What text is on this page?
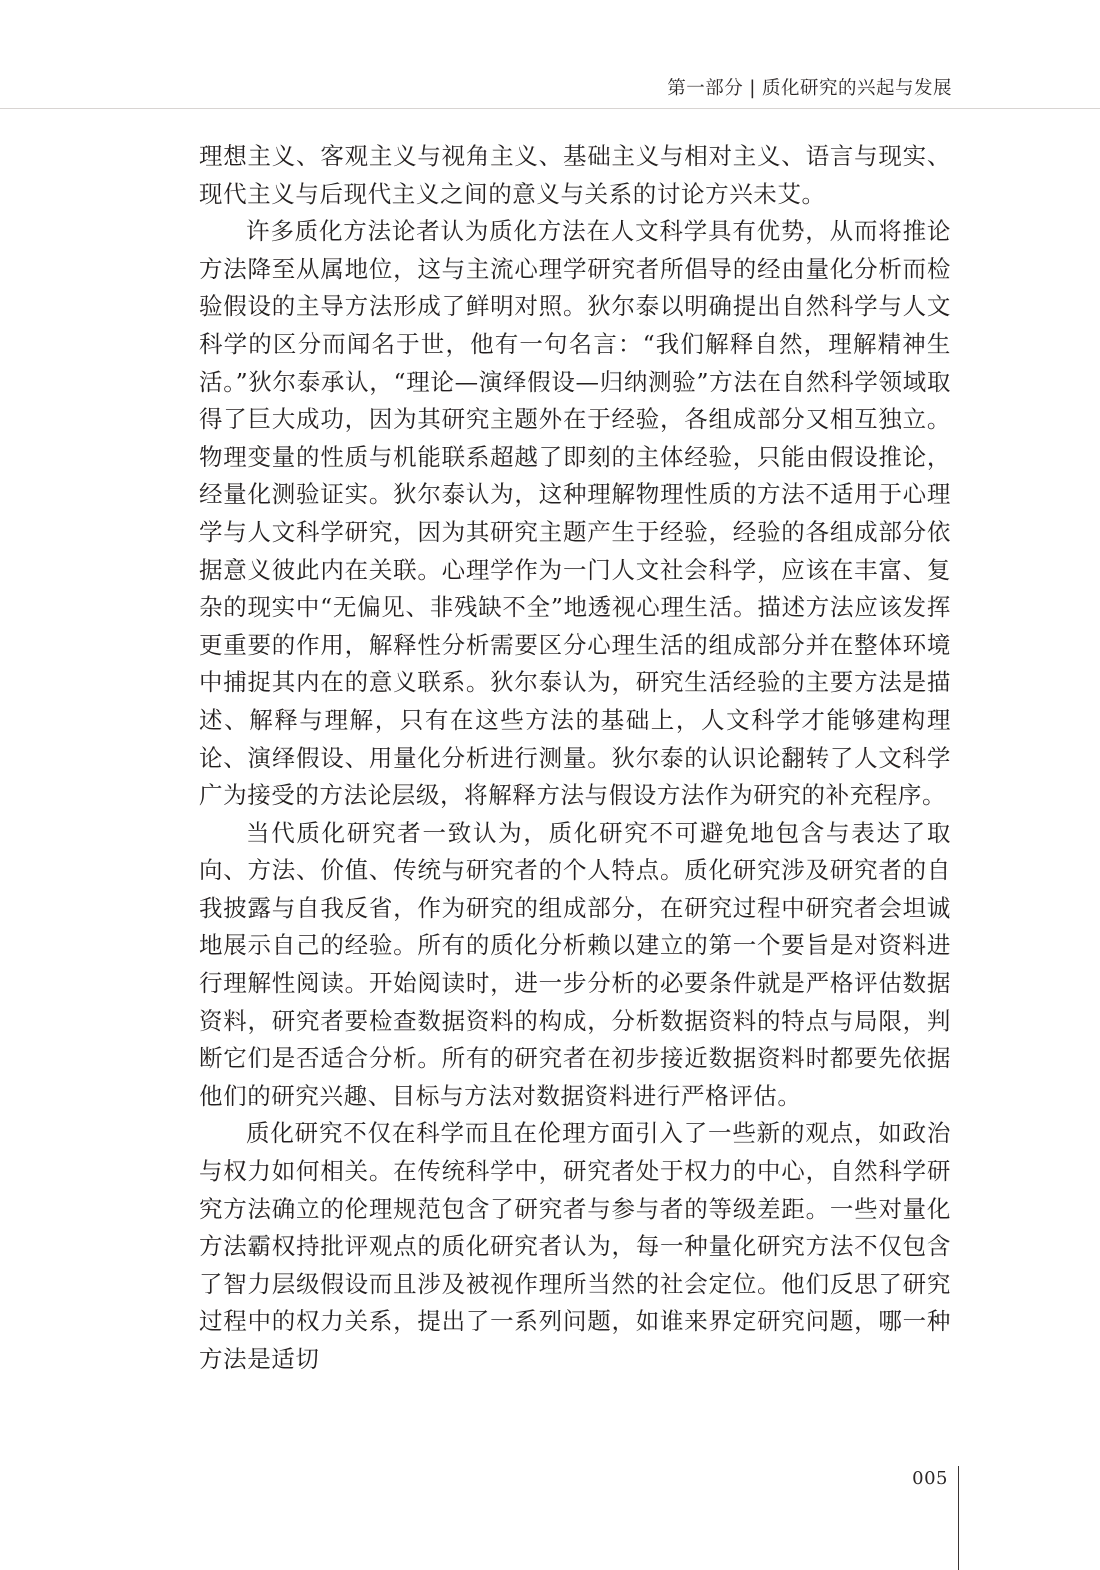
第一部分 | 质化研究的兴起与发展

理想主义、客观主义与视角主义、基础主义与相对主义、语言与现实、现代主义与后现代主义之间的意义与关系的讨论方兴未艾。

许多质化方法论者认为质化方法在人文科学具有优势，从而将推论方法降至从属地位，这与主流心理学研究者所倡导的经由量化分析而检验假设的主导方法形成了鲜明对照。狄尔泰以明确提出自然科学与人文科学的区分而闻名于世，他有一句名言：“我们解释自然，理解精神生活。”狄尔泰承认，“理论—演绎假设—归纳测验”方法在自然科学领域取得了巨大成功，因为其研究主题外在于经验，各组成部分又相互独立。物理变量的性质与机能联系超越了即刻的主体经验，只能由假设推论，经量化测验证实。狄尔泰认为，这种理解物理性质的方法不适用于心理学与人文科学研究，因为其研究主题产生于经验，经验的各组成部分依据意义彼此内在关联。心理学作为一门人文社会科学，应该在丰富、复杂的现实中“无偏见、非残缺不全”地透视心理生活。描述方法应该发挥更重要的作用，解释性分析需要区分心理生活的组成部分并在整体环境中捕捉其内在的意义联系。狄尔泰认为，研究生活经验的主要方法是描述、解释与理解，只有在这些方法的基础上，人文科学才能够建构理论、演绎假设、用量化分析进行测量。狄尔泰的认识论翻转了人文科学广为接受的方法论层级，将解释方法与假设方法作为研究的补充程序。

当代质化研究者一致认为，质化研究不可避免地包含与表达了取向、方法、价值、传统与研究者的个人特点。质化研究涉及研究者的自我披露与自我反省，作为研究的组成部分，在研究过程中研究者会坦诚地展示自己的经验。所有的质化分析赖以建立的第一个要旨是对资料进行理解性阅读。开始阅读时，进一步分析的必要条件就是严格评估数据资料，研究者要检查数据资料的构成，分析数据资料的特点与局限，判断它们是否适合分析。所有的研究者在初步接近数据资料时都要先依据他们的研究兴趣、目标与方法对数据资料进行严格评估。

质化研究不仅在科学而且在伦理方面引入了一些新的观点，如政治与权力如何相关。在传统科学中，研究者处于权力的中心，自然科学研究方法确立的伦理规范包含了研究者与参与者的等级差距。一些对量化方法霸权持批评观点的质化研究者认为，每一种量化研究方法不仅包含了智力层级假设而且涉及被视作理所当然的社会定位。他们反思了研究过程中的权力关系，提出了一系列问题，如谁来界定研究问题，哪一种方法是适切

005
